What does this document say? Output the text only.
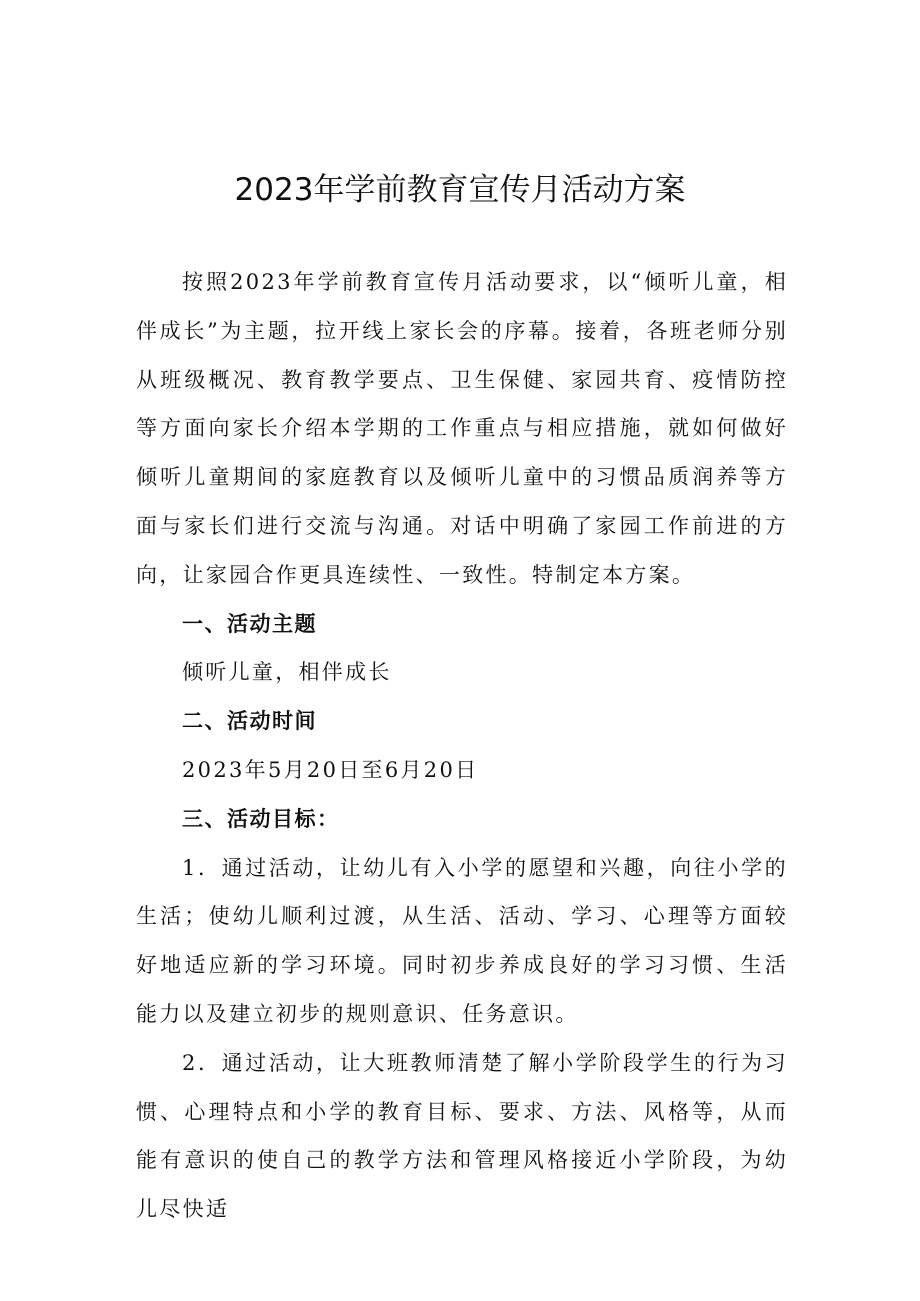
2023年学前教育宣传月活动方案

按照2023年学前教育宣传月活动要求，以“倾听儿童，相伴成长”为主题，拉开线上家长会的序幕。接着，各班老师分别从班级概况、教育教学要点、卫生保健、家园共育、疫情防控等方面向家长介绍本学期的工作重点与相应措施，就如何做好倾听儿童期间的家庭教育以及倾听儿童中的习惯品质润养等方面与家长们进行交流与沟通。对话中明确了家园工作前进的方向，让家园合作更具连续性、一致性。特制定本方案。

一、活动主题

倾听儿童，相伴成长

二、活动时间

2023年5月20日至6月20日

三、活动目标：

1．通过活动，让幼儿有入小学的愿望和兴趣，向往小学的生活；使幼儿顺利过渡，从生活、活动、学习、心理等方面较好地适应新的学习环境。同时初步养成良好的学习习惯、生活能力以及建立初步的规则意识、任务意识。

2．通过活动，让大班教师清楚了解小学阶段学生的行为习惯、心理特点和小学的教育目标、要求、方法、风格等，从而能有意识的使自己的教学方法和管理风格接近小学阶段，为幼儿尽快适
